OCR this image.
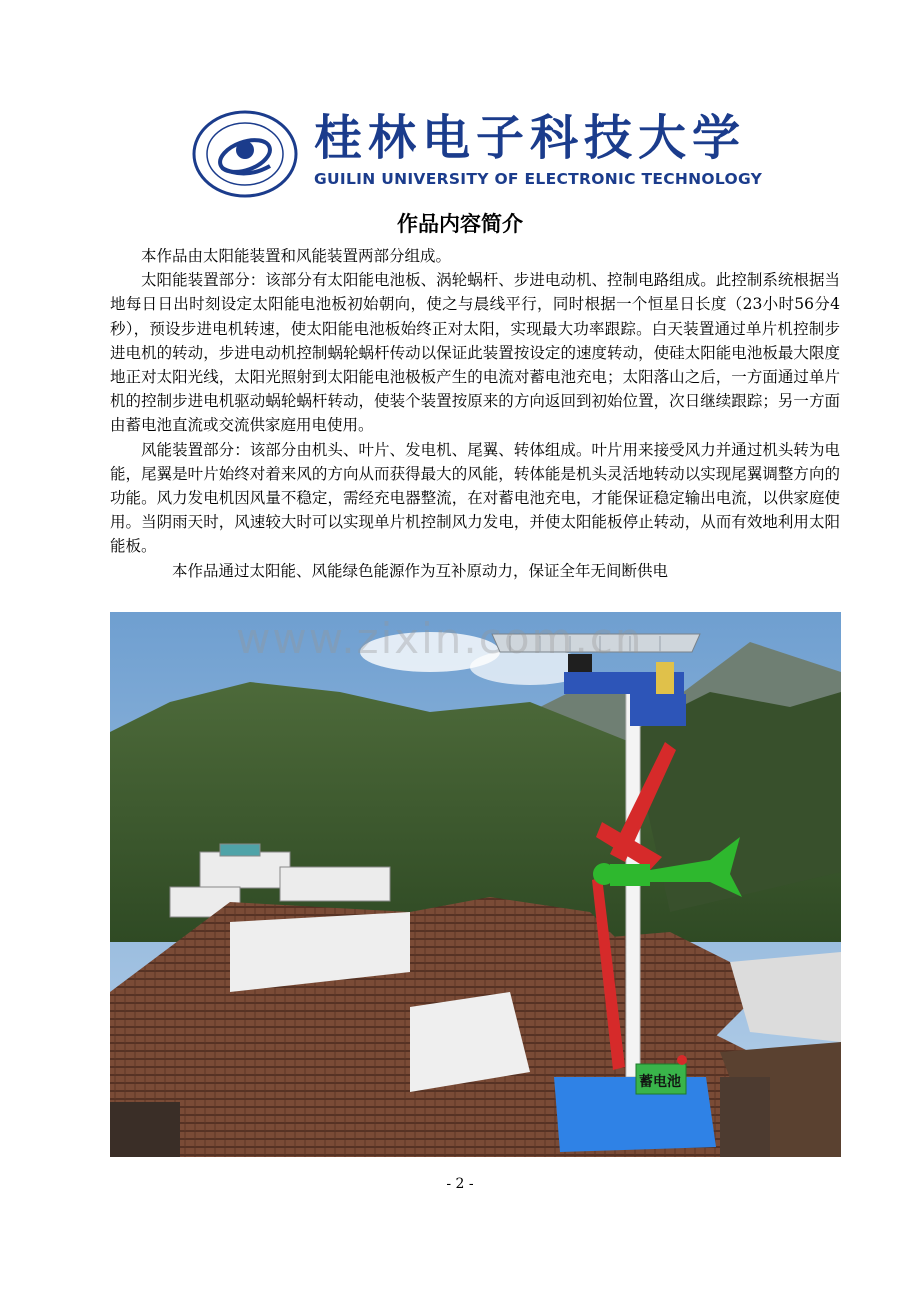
桂林电子科技大学
GUILIN UNIVERSITY OF ELECTRONIC TECHNOLOGY
作品内容简介

本作品由太阳能装置和风能装置两部分组成。

太阳能装置部分：该部分有太阳能电池板、涡轮蜗杆、步进电动机、控制电路组成。此控制系统根据当地每日日出时刻设定太阳能电池板初始朝向，使之与晨线平行，同时根据一个恒星日长度（23小时56分4秒），预设步进电机转速，使太阳能电池板始终正对太阳，实现最大功率跟踪。白天装置通过单片机控制步进电机的转动，步进电动机控制蜗轮蜗杆传动以保证此装置按设定的速度转动，使硅太阳能电池板最大限度地正对太阳光线，太阳光照射到太阳能电池极板产生的电流对蓄电池充电；太阳落山之后，一方面通过单片机的控制步进电机驱动蜗轮蜗杆转动，使装个装置按原来的方向返回到初始位置，次日继续跟踪；另一方面由蓄电池直流或交流供家庭用电使用。

风能装置部分：该部分由机头、叶片、发电机、尾翼、转体组成。叶片用来接受风力并通过机头转为电能，尾翼是叶片始终对着来风的方向从而获得最大的风能，转体能是机头灵活地转动以实现尾翼调整方向的功能。风力发电机因风量不稳定，需经充电器整流，在对蓄电池充电，才能保证稳定输出电流，以供家庭使用。当阴雨天时，风速较大时可以实现单片机控制风力发电，并使太阳能板停止转动，从而有效地利用太阳能板。

本作品通过太阳能、风能绿色能源作为互补原动力，保证全年无间断供电

蓄电池
www.zixin.com.cn
- 2 -
